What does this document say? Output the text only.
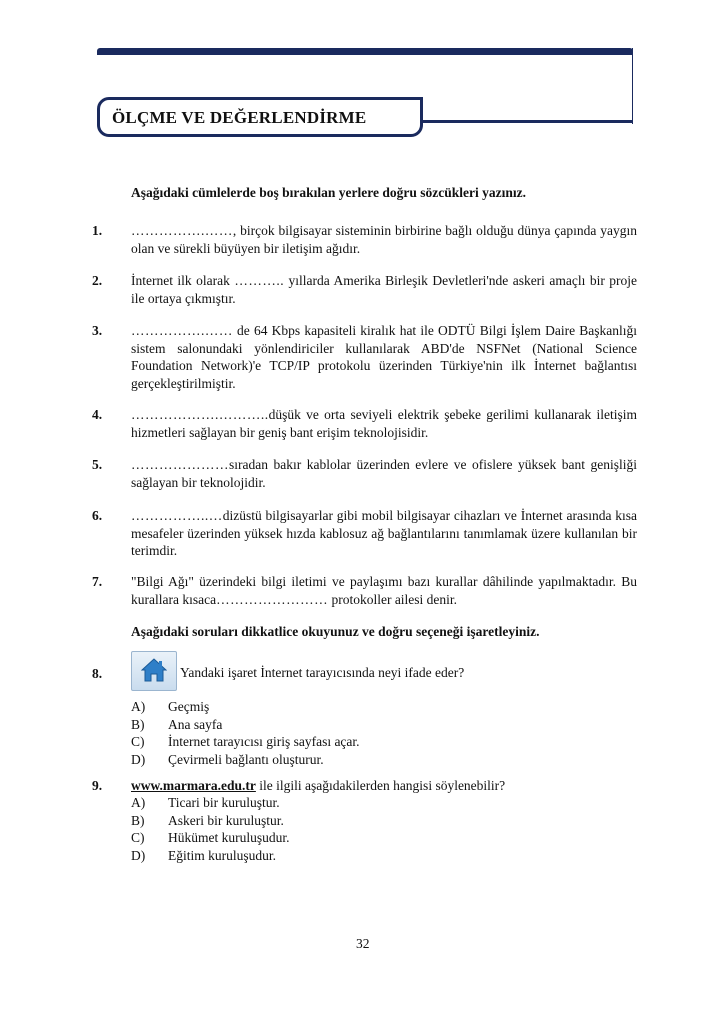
ÖLÇME VE DEĞERLENDİRME
Aşağıdaki cümlelerde boş bırakılan yerlere doğru sözcükleri yazınız.
1. …………….……, birçok bilgisayar sisteminin birbirine bağlı olduğu dünya çapında yaygın olan ve sürekli büyüyen bir iletişim ağıdır.
2. İnternet ilk olarak ……….. yıllarda Amerika Birleşik Devletleri'nde askeri amaçlı bir proje ile ortaya çıkmıştır.
3. …………….…… de 64 Kbps kapasiteli kiralık hat ile ODTÜ Bilgi İşlem Daire Başkanlığı sistem salonundaki yönlendiriciler kullanılarak ABD'de NSFNet (National Science Foundation Network)'e TCP/IP protokolu üzerinden Türkiye'nin ilk İnternet bağlantısı gerçekleştirilmiştir.
4. ……………….………..düşük ve orta seviyeli elektrik şebeke gerilimi kullanarak iletişim hizmetleri sağlayan bir geniş bant erişim teknolojisidir.
5. …………………sıradan bakır kablolar üzerinden evlere ve ofislere yüksek bant genişliği sağlayan bir teknolojidir.
6. ……………..…dizüstü bilgisayarlar gibi mobil bilgisayar cihazları ve İnternet arasında kısa mesafeler üzerinden yüksek hızda kablosuz ağ bağlantılarını tanımlamak üzere kullanılan bir terimdir.
7. "Bilgi Ağı" üzerindeki bilgi iletimi ve paylaşımı bazı kurallar dâhilinde yapılmaktadır. Bu kurallara kısaca…………………… protokoller ailesi denir.
Aşağıdaki soruları dikkatlice okuyunuz ve doğru seçeneği işaretleyiniz.
8.	Yandaki işaret İnternet tarayıcısında neyi ifade eder?
A)	Geçmiş
B)	Ana sayfa
C)	İnternet tarayıcısı giriş sayfası açar.
D)	Çevirmeli bağlantı oluşturur.
9. www.marmara.edu.tr ile ilgili aşağıdakilerden hangisi söylenebilir?
A)	Ticari bir kuruluştur.
B)	Askeri bir kuruluştur.
C)	Hükümet kuruluşudur.
D)	Eğitim kuruluşudur.
32
